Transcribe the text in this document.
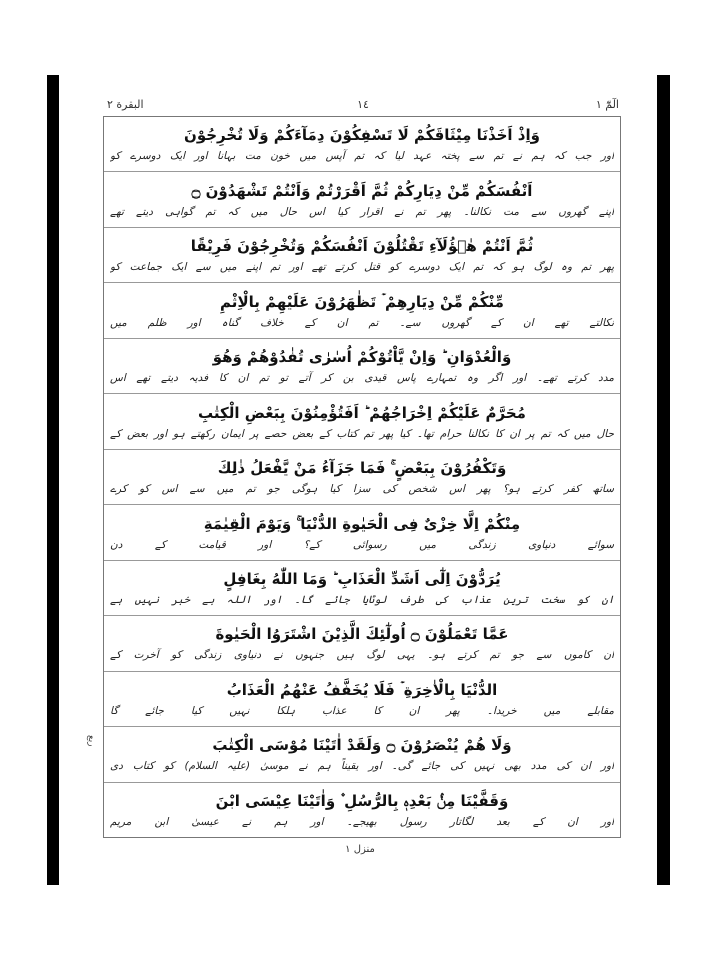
البقرة ٢	١٤	الٓمّٓ ١
ربع
وَاِذْ اَخَذْنَا مِيْثَاقَكُمْ لَا تَسْفِكُوْنَ دِمَآءَكُمْ وَلَا تُخْرِجُوْنَ
اور جب کہ ہم نے تم سے پختہ عہد لیا کہ تم آپس میں خون مت بہانا اور ایک دوسرے کو
اَنْفُسَكُمْ مِّنْ دِيَارِكُمْ ثُمَّ اَقْرَرْتُمْ وَاَنْتُمْ تَشْهَدُوْنَ ۝
اپنے گھروں سے مت نکالنا۔ پھر تم نے اقرار کیا اس حال میں کہ تم گواہی دیتے تھے
ثُمَّ اَنْتُمْ هٰۤؤُلَآءِ تَقْتُلُوْنَ اَنْفُسَكُمْ وَتُخْرِجُوْنَ فَرِيْقًا
پھر تم وہ لوگ ہو کہ تم ایک دوسرے کو قتل کرتے تھے اور تم اپنے میں سے ایک جماعت کو
مِّنْكُمْ مِّنْ دِيَارِهِمْ ۡ تَظٰهَرُوْنَ عَلَيْهِمْ بِالْاِثْمِ
نکالتے تھے ان کے گھروں سے۔ تم ان کے خلاف گناہ اور ظلم میں
وَالْعُدْوَانِ ؕ وَاِنْ يَّاْتُوْكُمْ اُسٰرٰى تُفٰدُوْهُمْ وَهُوَ
مدد کرتے تھے۔ اور اگر وہ تمہارے پاس قیدی بن کر آتے تو تم ان کا فدیہ دیتے تھے اس
مُحَرَّمٌ عَلَيْكُمْ اِخْرَاجُهُمْ ؕ اَفَتُؤْمِنُوْنَ بِبَعْضِ الْكِتٰبِ
حال میں کہ تم پر ان کا نکالنا حرام تھا۔ کیا پھر تم کتاب کے بعض حصے پر ایمان رکھتے ہو اور بعض کے
وَتَكْفُرُوْنَ بِبَعْضٍ ۚ فَمَا جَزَآءُ مَنْ يَّفْعَلُ ذٰلِكَ
ساتھ کفر کرتے ہو؟ پھر اس شخص کی سزا کیا ہوگی جو تم میں سے اس کو کرے
مِنْكُمْ اِلَّا خِزْىٌ فِى الْحَيٰوةِ الدُّنْيَا ۚ وَيَوْمَ الْقِيٰمَةِ
سوائے دنیاوی زندگی میں رسوائی کے؟ اور قیامت کے دن
يُرَدُّوْنَ اِلٰٓى اَشَدِّ الْعَذَابِ ؕ وَمَا اللّٰهُ بِغَافِلٍ
ان کو سخت ترین عذاب کی طرف لوٹایا جائے گا۔ اور اللہ بے خبر نہیں ہے
عَمَّا تَعْمَلُوْنَ ۝ اُولٰٓئِكَ الَّذِيْنَ اشْتَرَوُا الْحَيٰوةَ
ان کاموں سے جو تم کرتے ہو۔ یہی لوگ ہیں جنہوں نے دنیاوی زندگی کو آخرت کے
الدُّنْيَا بِالْاٰخِرَةِ ۡ فَلَا يُخَفَّفُ عَنْهُمُ الْعَذَابُ
مقابلے میں خریدا۔ پھر ان کا عذاب ہلکا نہیں کیا جائے گا
وَلَا هُمْ يُنْصَرُوْنَ ۝ وَلَقَدْ اٰتَيْنَا مُوْسَى الْكِتٰبَ
اور ان کی مدد بھی نہیں کی جائے گی۔ اور یقیناً ہم نے موسیٰ (علیہ السلام) کو کتاب دی
وَقَفَّيْنَا مِنْۢ بَعْدِهٖ بِالرُّسُلِ ۫ وَاٰتَيْنَا عِيْسَى ابْنَ
اور ان کے بعد لگاتار رسول بھیجے۔ اور ہم نے عیسیٰ ابن مریم
منزل ١
